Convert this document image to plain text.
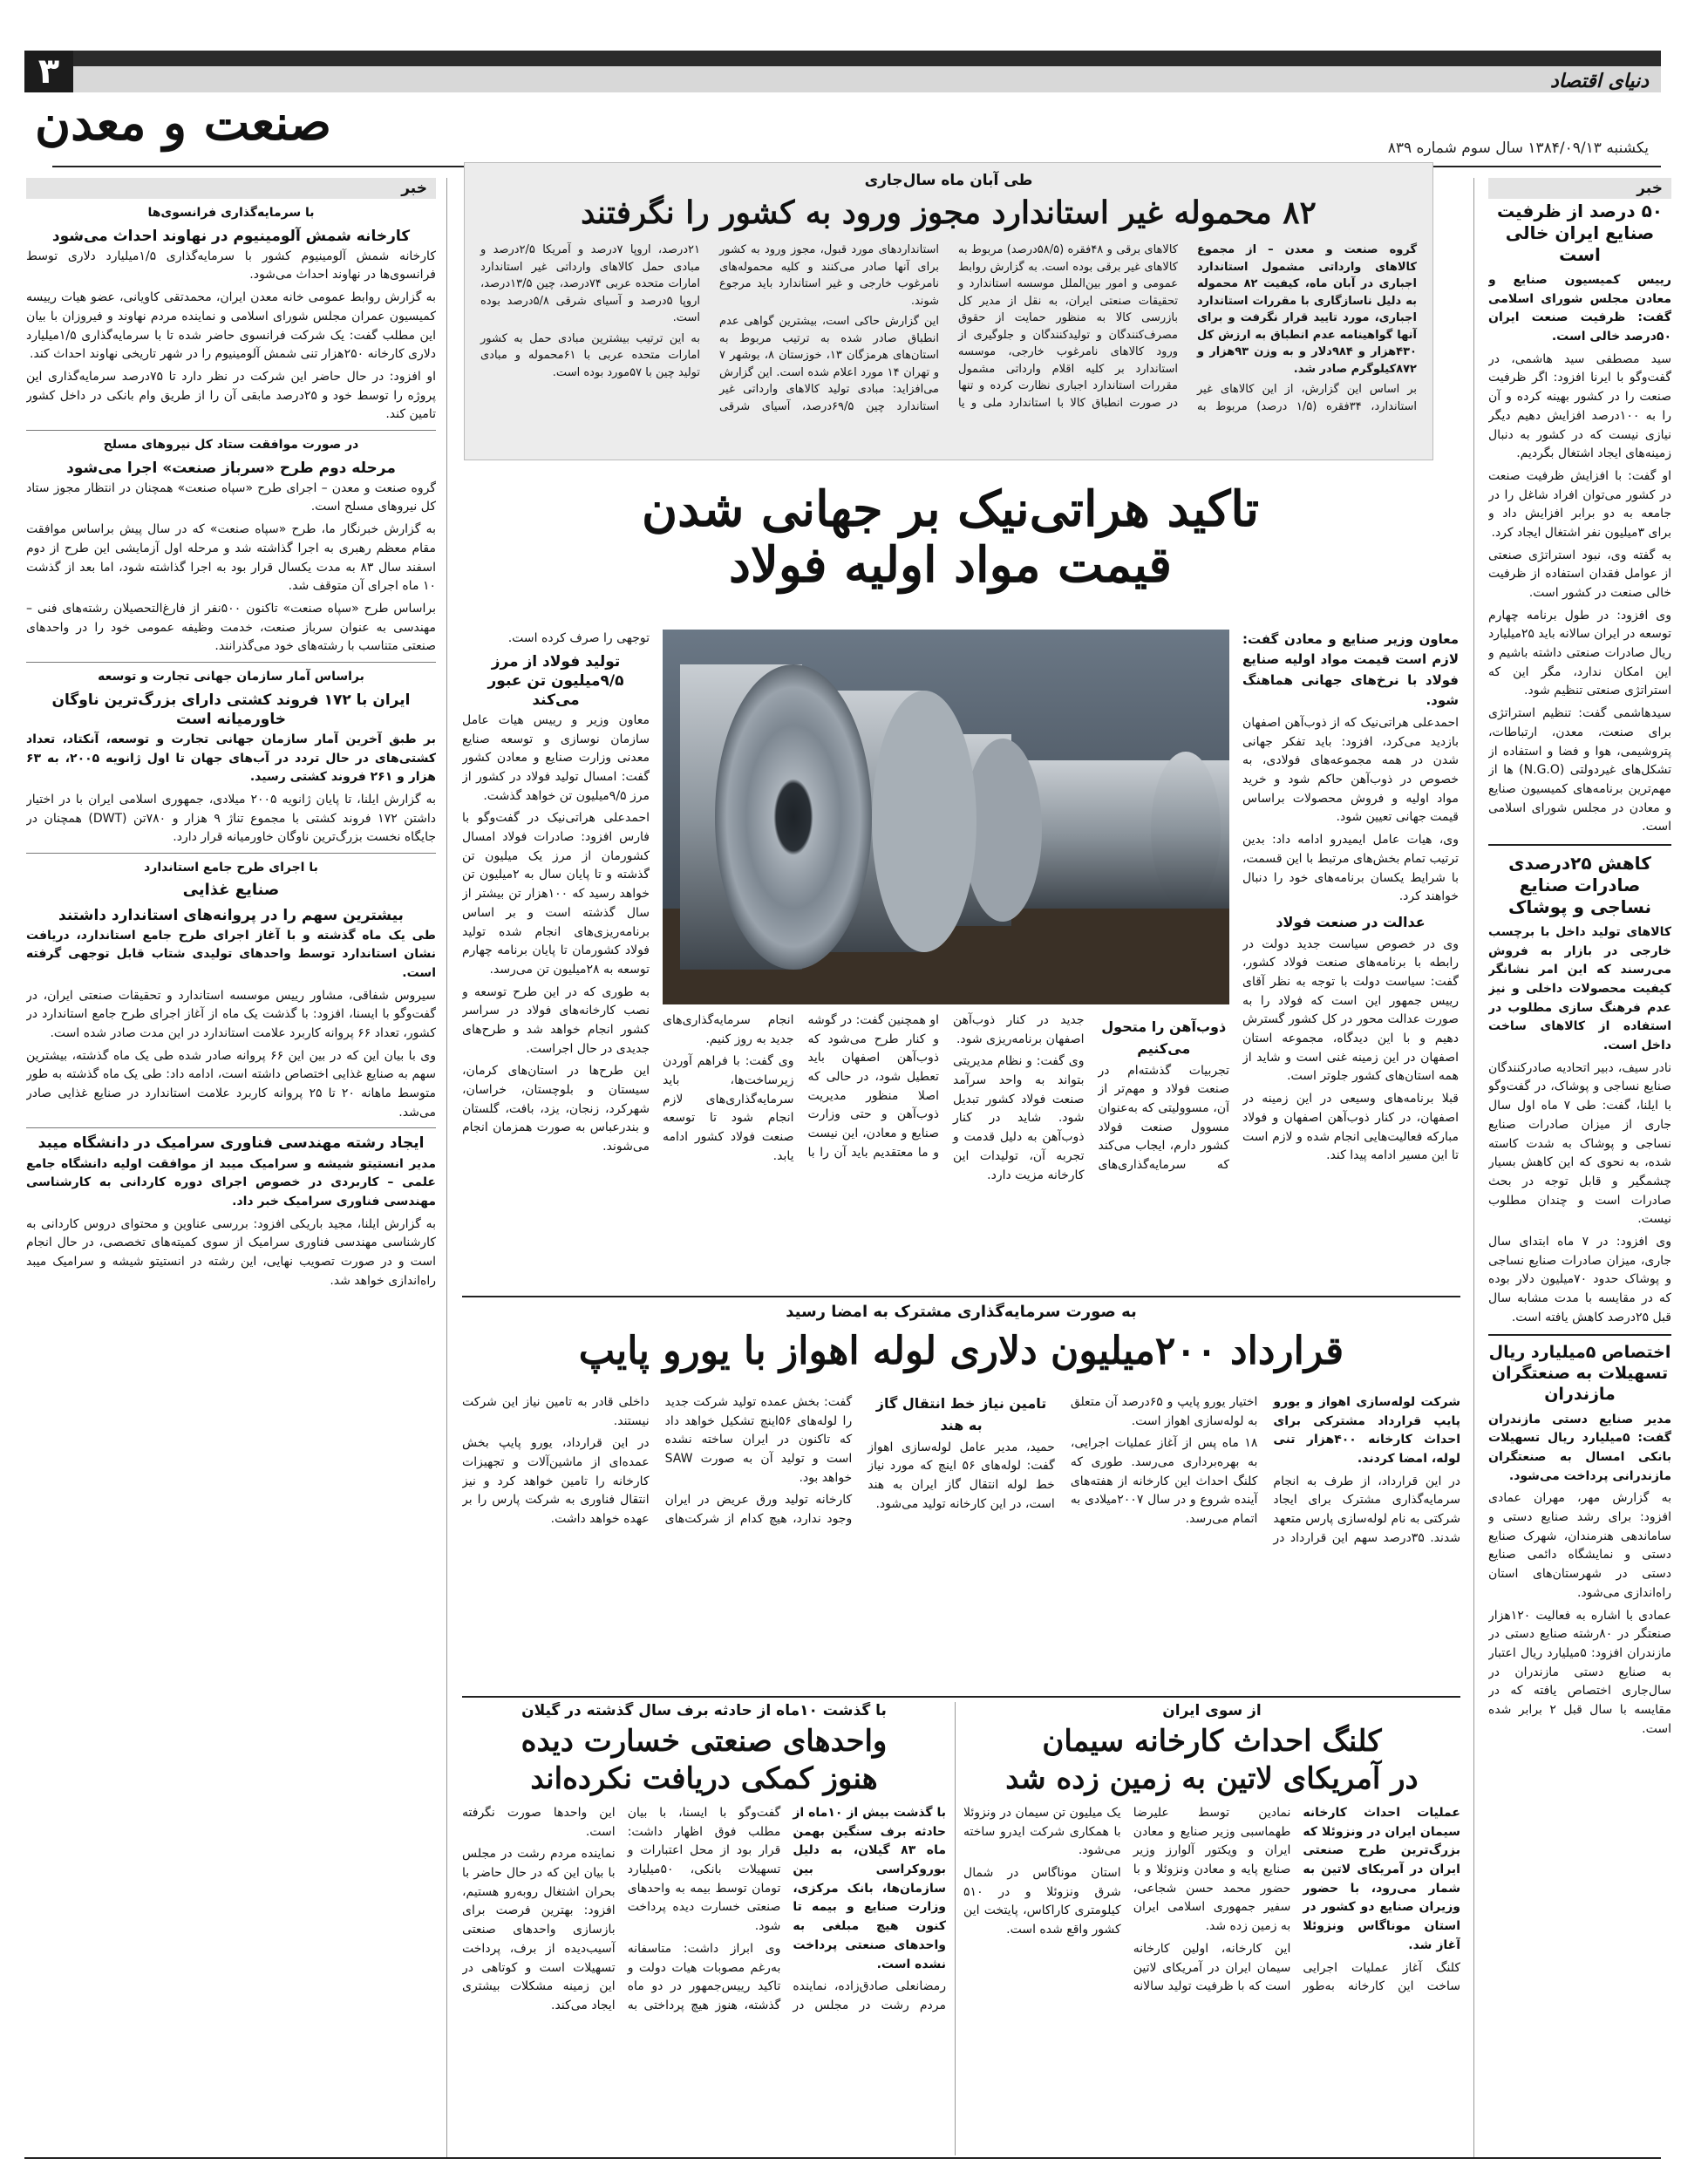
۳	دنیای اقتصاد
صنعت و معدن	یکشنبه ۱۳۸۴/۰۹/۱۳ سال سوم شماره ۸۳۹
خبر
۵۰ درصد از ظرفیت صنایع ایران خالی است

رییس کمیسیون صنایع و معادن مجلس شورای اسلامی گفت: ظرفیت صنعت ایران ۵۰درصد خالی است.

سید مصطفی سید هاشمی، در گفت‌وگو با ایرنا افزود: اگر ظرفیت صنعت را در کشور بهینه کرده و آن را به ۱۰۰درصد افزایش دهیم دیگر نیازی نیست که در کشور به دنبال زمینه‌های ایجاد اشتغال بگردیم.

او گفت: با افزایش ظرفیت صنعت در کشور می‌توان افراد شاغل را در جامعه به دو برابر افزایش داد و برای ۳میلیون نفر اشتغال ایجاد کرد.

به گفته وی، نبود استراتژی صنعتی از عوامل فقدان استفاده از ظرفیت خالی صنعت در کشور است.

وی افزود: در طول برنامه چهارم توسعه در ایران سالانه باید ۲۵میلیارد ریال صادرات صنعتی داشته باشیم و این امکان ندارد، مگر این که استراتژی صنعتی تنظیم شود.

سیدهاشمی گفت: تنظیم استراتژی برای صنعت، معدن، ارتباطات، پتروشیمی، هوا و فضا و استفاده از تشکل‌های غیردولتی (N.G.O) ها از مهم‌ترین برنامه‌های کمیسیون صنایع و معادن در مجلس شورای اسلامی است.

کاهش ۲۵درصدی صادرات صنایع نساجی و پوشاک

کالاهای تولید داخل با برچسب خارجی در بازار به فروش می‌رسند که این امر نشانگر کیفیت محصولات داخلی و نیز عدم فرهنگ سازی مطلوب در استفاده از کالاهای ساخت داخل است.

نادر سیف، دبیر اتحادیه صادرکنندگان صنایع نساجی و پوشاک، در گفت‌وگو با ایلنا، گفت: طی ۷ ماه اول سال جاری از میزان صادرات صنایع نساجی و پوشاک به شدت کاسته شده، به نحوی که این کاهش بسیار چشمگیر و قابل توجه در بحث صادرات است و چندان مطلوب نیست.

وی افزود: در ۷ ماه ابتدای سال جاری، میزان صادرات صنایع نساجی و پوشاک حدود ۷۰میلیون دلار بوده که در مقایسه با مدت مشابه سال قبل ۲۵درصد کاهش یافته است.

اختصاص ۵میلیارد ریال تسهیلات به صنعتگران مازندران

مدیر صنایع دستی مازندران گفت: ۵میلیارد ریال تسهیلات بانکی امسال به صنعتگران مازندرانی پرداخت می‌شود.

به گزارش مهر، مهران عمادی افزود: برای رشد صنایع دستی و ساماندهی هنرمندان، شهرک صنایع دستی و نمایشگاه دائمی صنایع دستی در شهرستان‌های استان راه‌اندازی می‌شود.

عمادی با اشاره به فعالیت ۱۲۰هزار صنعتگر در ۸۰رشته صنایع دستی در مازندران افزود: ۵میلیارد ریال اعتبار به صنایع دستی مازندران در سال‌جاری اختصاص یافته که در مقایسه با سال قبل ۲ برابر شده است.

خبر
با سرمایه‌گذاری فرانسوی‌ها
کارخانه شمش آلومینیوم در نهاوند احداث می‌شود

کارخانه شمش آلومینیوم کشور با سرمایه‌گذاری ۱/۵میلیارد دلاری توسط فرانسوی‌ها در نهاوند احداث می‌شود.

به گزارش روابط عمومی خانه معدن ایران، محمدتقی کاویانی، عضو هیات رییسه کمیسیون عمران مجلس شورای اسلامی و نماینده مردم نهاوند و فیروزان با بیان این مطلب گفت: یک شرکت فرانسوی حاضر شده تا با سرمایه‌گذاری ۱/۵میلیارد دلاری کارخانه ۲۵۰هزار تنی شمش آلومینیوم را در شهر تاریخی نهاوند احداث کند.

او افزود: در حال حاضر این شرکت در نظر دارد تا ۷۵درصد سرمایه‌گذاری این پروژه را توسط خود و ۲۵درصد مابقی آن را از طریق وام بانکی در داخل کشور تامین کند.

در صورت موافقت ستاد کل نیروهای مسلح
مرحله دوم طرح «سرباز صنعت» اجرا می‌شود

گروه صنعت و معدن – اجرای طرح «سپاه صنعت» همچنان در انتظار مجوز ستاد کل نیروهای مسلح است.

به گزارش خبرنگار ما، طرح «سپاه صنعت» که در سال پیش براساس موافقت مقام معظم رهبری به اجرا گذاشته شد و مرحله اول آزمایشی این طرح از دوم اسفند سال ۸۳ به مدت یکسال قرار بود به اجرا گذاشته شود، اما بعد از گذشت ۱۰ ماه اجرای آن متوقف شد.

براساس طرح «سپاه صنعت» تاکنون ۵۰۰نفر از فارغ‌التحصیلان رشته‌های فنی – مهندسی به عنوان سرباز صنعت، خدمت وظیفه عمومی خود را در واحدهای صنعتی متناسب با رشته‌های خود می‌گذرانند.

براساس آمار سازمان جهانی تجارت و توسعه
ایران با ۱۷۲ فروند کشتی دارای بزرگ‌ترین ناوگان خاورمیانه است

بر طبق آخرین آمار سازمان جهانی تجارت و توسعه، آنکتاد، تعداد کشتی‌های در حال تردد در آب‌های جهان تا اول ژانویه ۲۰۰۵، به ۶۳ هزار و ۲۶۱ فروند کشتی رسید.

به گزارش ایلنا، تا پایان ژانویه ۲۰۰۵ میلادی، جمهوری اسلامی ایران با در اختیار داشتن ۱۷۲ فروند کشتی با مجموع تناژ ۹ هزار و ۷۸۰تن (DWT) همچنان در جایگاه نخست بزرگ‌ترین ناوگان خاورمیانه قرار دارد.

با اجرای طرح جامع استاندارد
صنایع غذایی
بیشترین سهم را در پروانه‌های استاندارد داشتند

طی یک ماه گذشته و با آغاز اجرای طرح جامع استاندارد، دریافت نشان استاندارد توسط واحدهای تولیدی شتاب قابل توجهی گرفته است.

سیروس شفاقی، مشاور رییس موسسه استاندارد و تحقیقات صنعتی ایران، در گفت‌وگو با ایسنا، افزود: با گذشت یک ماه از آغاز اجرای طرح جامع استاندارد در کشور، تعداد ۶۶ پروانه کاربرد علامت استاندارد در این مدت صادر شده است.

وی با بیان این که در بین این ۶۶ پروانه صادر شده طی یک ماه گذشته، بیشترین سهم به صنایع غذایی اختصاص داشته است، ادامه داد: طی یک ماه گذشته به طور متوسط ماهانه ۲۰ تا ۲۵ پروانه کاربرد علامت استاندارد در صنایع غذایی صادر می‌شد.

ایجاد رشته مهندسی فناوری سرامیک در دانشگاه میبد

مدیر انستیتو شیشه و سرامیک میبد از موافقت اولیه دانشگاه جامع علمی – کاربردی در خصوص اجرای دوره کاردانی به کارشناسی مهندسی فناوری سرامیک خبر داد.

به گزارش ایلنا، مجید باریکی افزود: بررسی عناوین و محتوای دروس کاردانی به کارشناسی مهندسی فناوری سرامیک از سوی کمیته‌های تخصصی، در حال انجام است و در صورت تصویب نهایی، این رشته در انستیتو شیشه و سرامیک میبد راه‌اندازی خواهد شد.

طی آبان ماه سال‌جاری
۸۲ محموله غیر استاندارد مجوز ورود به کشور را نگرفتند

گروه صنعت و معدن – از مجموع کالاهای وارداتی مشمول استاندارد اجباری در آبان ماه، کیفیت ۸۲ محموله به دلیل ناسازگاری با مقررات استاندارد اجباری، مورد تایید قرار نگرفت و برای آنها گواهینامه عدم انطباق به ارزش کل ۴۳۰هزار و ۹۸۴دلار و به وزن ۹۳هزار و ۸۷۲کیلوگرم صادر شد.

بر اساس این گزارش، از این کالاهای غیر استاندارد، ۳۴فقره (۱/۵ درصد) مربوط به کالاهای برقی و ۴۸فقره (۵۸/۵درصد) مربوط به کالاهای غیر برقی بوده است. به گزارش روابط عمومی و امور بین‌الملل موسسه استاندارد و تحقیقات صنعتی ایران، به نقل از مدیر کل بازرسی کالا به منظور حمایت از حقوق مصرف‌کنندگان و تولیدکنندگان و جلوگیری از ورود کالاهای نامرغوب خارجی، موسسه استاندارد بر کلیه اقلام وارداتی مشمول مقررات استاندارد اجباری نظارت کرده و تنها در صورت انطباق کالا با استاندارد ملی و یا استانداردهای مورد قبول، مجوز ورود به کشور برای آنها صادر می‌کنند و کلیه محموله‌های نامرغوب خارجی و غیر استاندارد باید مرجوع شوند.

این گزارش حاکی است، بیشترین گواهی عدم انطباق صادر شده به ترتیب مربوط به استان‌های هرمزگان ۱۳، خوزستان ۸، بوشهر ۷ و تهران ۱۴ مورد اعلام شده است. این گزارش می‌افزاید: مبادی تولید کالاهای وارداتی غیر استاندارد چین ۶۹/۵درصد، آسیای شرقی ۲۱درصد، اروپا ۷درصد و آمریکا ۲/۵درصد و مبادی حمل کالاهای وارداتی غیر استاندارد امارات متحده عربی ۷۴درصد، چین ۱۳/۵درصد، اروپا ۵درصد و آسیای شرقی ۵/۸درصد بوده است.

به این ترتیب بیشترین مبادی حمل به کشور امارات متحده عربی با ۶۱محموله و مبادی تولید چین با ۵۷مورد بوده است.

تاکید هراتی‌نیک بر جهانی شدن
قیمت مواد اولیه فولاد

معاون وزیر صنایع و معادن گفت: لازم است قیمت مواد اولیه صنایع فولاد با نرخ‌های جهانی هماهنگ شود.

احمدعلی هراتی‌نیک که از ذوب‌آهن اصفهان بازدید می‌کرد، افزود: باید تفکر جهانی شدن در همه مجموعه‌های فولادی، به خصوص در ذوب‌آهن حاکم شود و خرید مواد اولیه و فروش محصولات براساس قیمت جهانی تعیین شود.

وی، هیات عامل ایمیدرو ادامه داد: بدین ترتیب تمام بخش‌های مرتبط با این قسمت، با شرایط یکسان برنامه‌های خود را دنبال خواهند کرد.

عدالت در صنعت فولاد

وی در خصوص سیاست جدید دولت در رابطه با برنامه‌های صنعت فولاد کشور، گفت: سیاست دولت با توجه به نظر آقای رییس جمهور این است که فولاد را به صورت عدالت محور در کل کشور گسترش دهیم و با این دیدگاه، مجموعه استان اصفهان در این زمینه غنی است و شاید از همه استان‌های کشور جلوتر است.

قبلا برنامه‌های وسیعی در این زمینه در اصفهان، در کنار ذوب‌آهن اصفهان و فولاد مبارکه فعالیت‌هایی انجام شده و لازم است تا این مسیر ادامه پیدا کند.

توجهی را صرف کرده است.

تولید فولاد از مرز ۹/۵میلیون تن عبور می‌کند

معاون وزیر و رییس هیات عامل سازمان نوسازی و توسعه صنایع معدنی وزارت صنایع و معادن کشور گفت: امسال تولید فولاد در کشور از مرز ۹/۵میلیون تن خواهد گذشت.

احمدعلی هراتی‌نیک در گفت‌وگو با فارس افزود: صادرات فولاد امسال کشورمان از مرز یک میلیون تن گذشته و تا پایان سال به ۲میلیون تن خواهد رسید که ۱۰۰هزار تن بیشتر از سال گذشته است و بر اساس برنامه‌ریزی‌های انجام شده تولید فولاد کشورمان تا پایان برنامه چهارم توسعه به ۲۸میلیون تن می‌رسد.

به طوری که در این طرح توسعه و نصب کارخانه‌های فولاد در سراسر کشور انجام خواهد شد و طرح‌های جدیدی در حال اجراست.

این طرح‌ها در استان‌های کرمان، سیستان و بلوچستان، خراسان، شهرکرد، زنجان، یزد، بافت، گلستان و بندرعباس به صورت همزمان انجام می‌شوند.

ذوب‌آهن را متحول می‌کنیم

تجربیات گذشته‌ام در صنعت فولاد و مهم‌تر از آن، مسوولیتی که به‌عنوان مسوول صنعت فولاد کشور دارم، ایجاب می‌کند که سرمایه‌گذاری‌های جدید در کنار ذوب‌آهن اصفهان برنامه‌ریزی شود.

وی گفت: و نظام مدیریتی بتواند به واحد سرآمد صنعت فولاد کشور تبدیل شود. شاید در کنار ذوب‌آهن به دلیل قدمت و تجربه آن، تولیدات این کارخانه مزیت دارد.

او همچنین گفت: در گوشه و کنار طرح می‌شود که ذوب‌آهن اصفهان باید تعطیل شود، در حالی که اصلا منظور مدیریت ذوب‌آهن و حتی وزارت صنایع و معادن، این نیست و ما معتقدیم باید آن را با انجام سرمایه‌گذاری‌های جدید به روز کنیم.

وی گفت: با فراهم آوردن زیرساخت‌ها، باید سرمایه‌گذاری‌های لازم انجام شود تا توسعه صنعت فولاد کشور ادامه یابد.

به صورت سرمایه‌گذاری مشترک به امضا رسید
قرارداد ۲۰۰میلیون دلاری لوله اهواز با یورو پایپ

شرکت لوله‌سازی اهواز و یورو پایپ قرارداد مشترکی برای احداث کارخانه ۴۰۰هزار تنی لوله، امضا کردند.

در این قرارداد، از طرف به انجام سرمایه‌گذاری مشترک برای ایجاد شرکتی به نام لوله‌سازی پارس متعهد شدند. ۳۵درصد سهم این قرارداد در اختیار یورو پایپ و ۶۵درصد آن متعلق به لوله‌سازی اهواز است.

۱۸ ماه پس از آغاز عملیات اجرایی، به بهره‌برداری می‌رسد. طوری که کلنگ احداث این کارخانه از هفته‌های آینده شروع و در سال ۲۰۰۷میلادی به اتمام می‌رسد.

تامین نیاز خط انتقال گاز به هند

حمید، مدیر عامل لوله‌سازی اهواز گفت: لوله‌های ۵۶ اینچ که مورد نیاز خط لوله انتقال گاز ایران به هند است، در این کارخانه تولید می‌شود.

گفت: بخش عمده تولید شرکت جدید را لوله‌های ۵۶اینچ تشکیل خواهد داد که تاکنون در ایران ساخته نشده است و تولید آن به صورت SAW خواهد بود.

کارخانه تولید ورق عریض در ایران وجود ندارد، هیچ کدام از شرکت‌های داخلی قادر به تامین نیاز این شرکت نیستند.

در این قرارداد، یورو پایپ بخش عمده‌ای از ماشین‌آلات و تجهیزات کارخانه را تامین خواهد کرد و نیز انتقال فناوری به شرکت پارس را بر عهده خواهد داشت.

از سوی ایران
کلنگ احداث کارخانه سیمان
در آمریکای لاتین به زمین زده شد

عملیات احداث کارخانه سیمان ایران در ونزوئلا که بزرگ‌ترین طرح صنعتی ایران در آمریکای لاتین به شمار می‌رود، با حضور وزیران صنایع دو کشور در استان موناگاس ونزوئلا آغاز شد.

کلنگ آغاز عملیات اجرایی ساخت این کارخانه به‌طور نمادین توسط علیرضا طهماسبی وزیر صنایع و معادن ایران و ویکتور آلوارز وزیر صنایع پایه و معادن ونزوئلا و با حضور محمد حسن شجاعی، سفیر جمهوری اسلامی ایران به زمین زده شد.

این کارخانه، اولین کارخانه سیمان ایران در آمریکای لاتین است که با ظرفیت تولید سالانه یک میلیون تن سیمان در ونزوئلا با همکاری شرکت ایدرو ساخته می‌شود.

استان موناگاس در شمال شرق ونزوئلا و در ۵۱۰ کیلومتری کاراکاس، پایتخت این کشور واقع شده است.

با گذشت ۱۰ماه از حادثه برف سال گذشته در گیلان
واحدهای صنعتی خسارت دیده
هنوز کمکی دریافت نکرده‌اند

با گذشت بیش از ۱۰ماه از حادثه برف سنگین بهمن ماه ۸۳ گیلان، به دلیل بوروکراسی بین سازمان‌ها، بانک مرکزی، وزارت صنایع و بیمه تا کنون هیچ مبلغی به واحدهای صنعتی پرداخت نشده است.

رمضانعلی صادق‌زاده، نماینده مردم رشت در مجلس در گفت‌وگو با ایسنا، با بیان مطلب فوق اظهار داشت: قرار بود از محل اعتبارات و تسهیلات بانکی، ۵۰میلیارد تومان توسط بیمه به واحدهای صنعتی خسارت دیده پرداخت شود.

وی ابراز داشت: متاسفانه به‌رغم مصوبات هیات دولت و تاکید رییس‌جمهور در دو ماه گذشته، هنوز هیچ پرداختی به این واحدها صورت نگرفته است.

نماینده مردم رشت در مجلس با بیان این که در حال حاضر با بحران اشتغال روبه‌رو هستیم، افزود: بهترین فرصت برای بازسازی واحدهای صنعتی آسیب‌دیده از برف، پرداخت تسهیلات است و کوتاهی در این زمینه مشکلات بیشتری ایجاد می‌کند.
